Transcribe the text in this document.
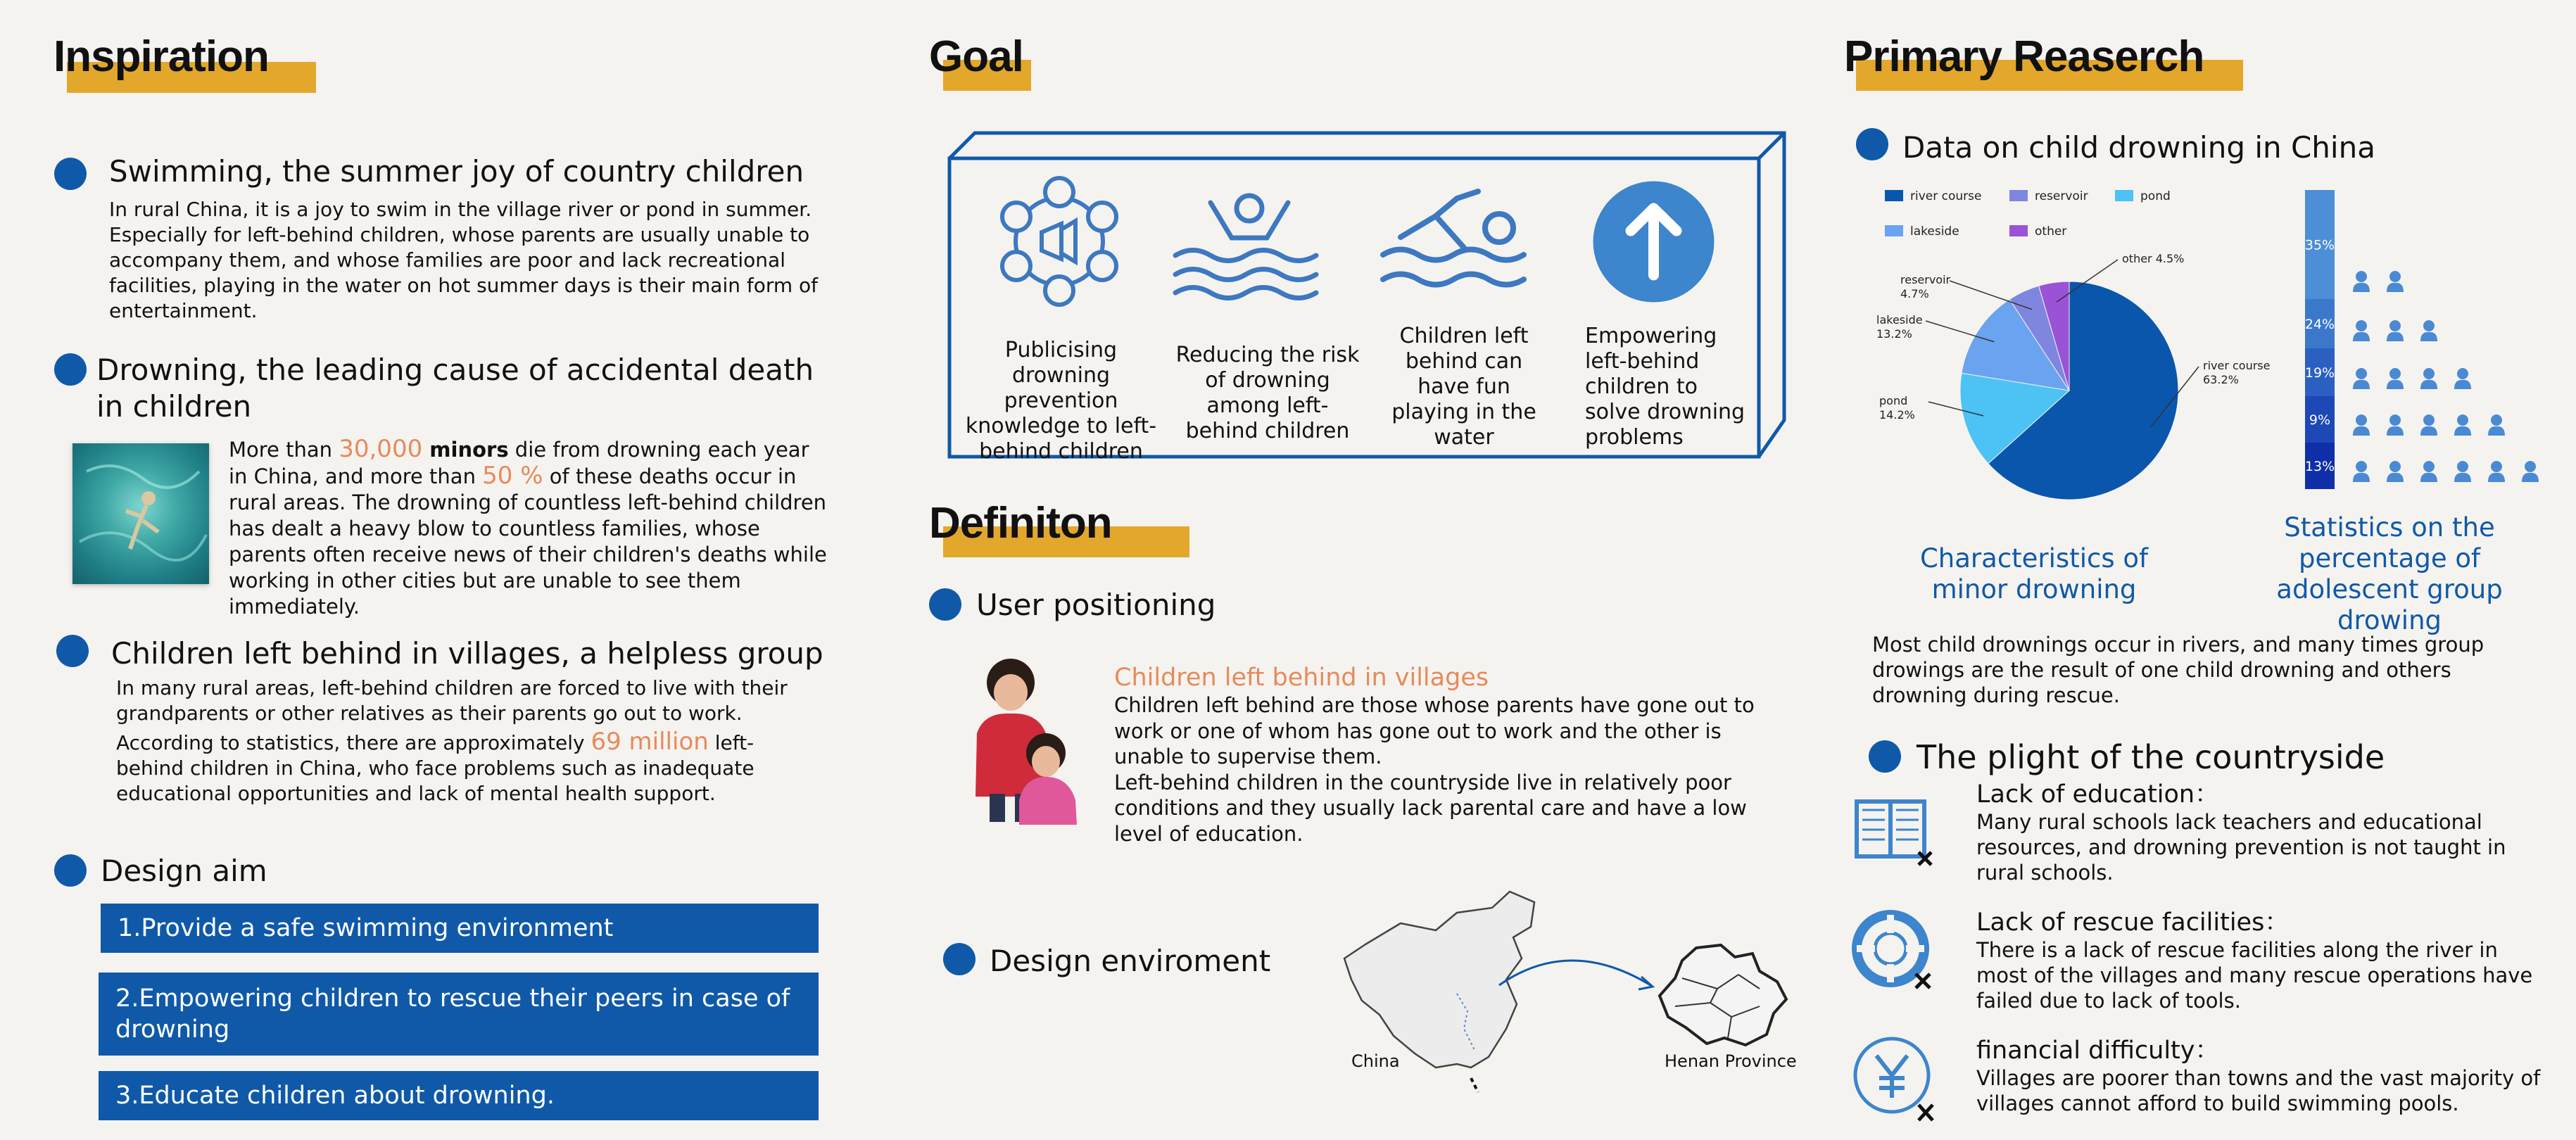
Inspiration
Swimming, the summer joy of country children
In rural China, it is a joy to swim in the village river or pond in summer. Especially for left-behind children, whose parents are usually unable to accompany them, and whose families are poor and lack recreational facilities, playing in the water on hot summer days is their main form of entertainment.
Drowning, the leading cause of accidental death
in children
More than 30,000 minors die from drowning each year in China, and more than 50 % of these deaths occur in rural areas. The drowning of countless left-behind children has dealt a heavy blow to countless families, whose parents often receive news of their children's deaths while working in other cities but are unable to see them immediately.
Children left behind in villages, a helpless group
In many rural areas, left-behind children are forced to live with their grandparents or other relatives as their parents go out to work.
According to statistics, there are approximately 69 million left-behind children in China, who face problems such as inadequate educational opportunities and lack of mental health support.
Design aim
1.Provide a safe swimming environment
2.Empowering children to rescue their peers in case of drowning
3.Educate children about drowning.
Goal
Publicising drowning prevention knowledge to left-behind children
Reducing the risk of drowning among left-behind children
Children left behind can have fun playing in the water
Empowering left-behind children to solve drowning problems
Definiton
User positioning
Children left behind in villages
Children left behind are those whose parents have gone out to work or one of whom has gone out to work and the other is unable to supervise them.
Left-behind children in the countryside live in relatively poor conditions and they usually lack parental care and have a low level of education.
Design enviroment
China	Henan Province
Primary Reaserch
Data on child drowning in China
river course	reservoir	pond
lakeside	other
river course
63.2%
pond
14.2%
lakeside
13.2%
reservoir
4.7%
other 4.5%
35%
24%
19%
9%
13%
Characteristics of minor drowning
Statistics on the percentage of adolescent group drowing
Most child drownings occur in rivers, and many times group drowings are the result of one child drowning and others drowning during rescue.
The plight of the countryside
Lack of education：
Many rural schools lack teachers and educational resources, and drowning prevention is not taught in rural schools.
Lack of rescue facilities：
There is a lack of rescue facilities along the river in most of the villages and many rescue operations have failed due to lack of tools.
financial difficulty：
Villages are poorer than towns and the vast majority of villages cannot afford to build swimming pools.
